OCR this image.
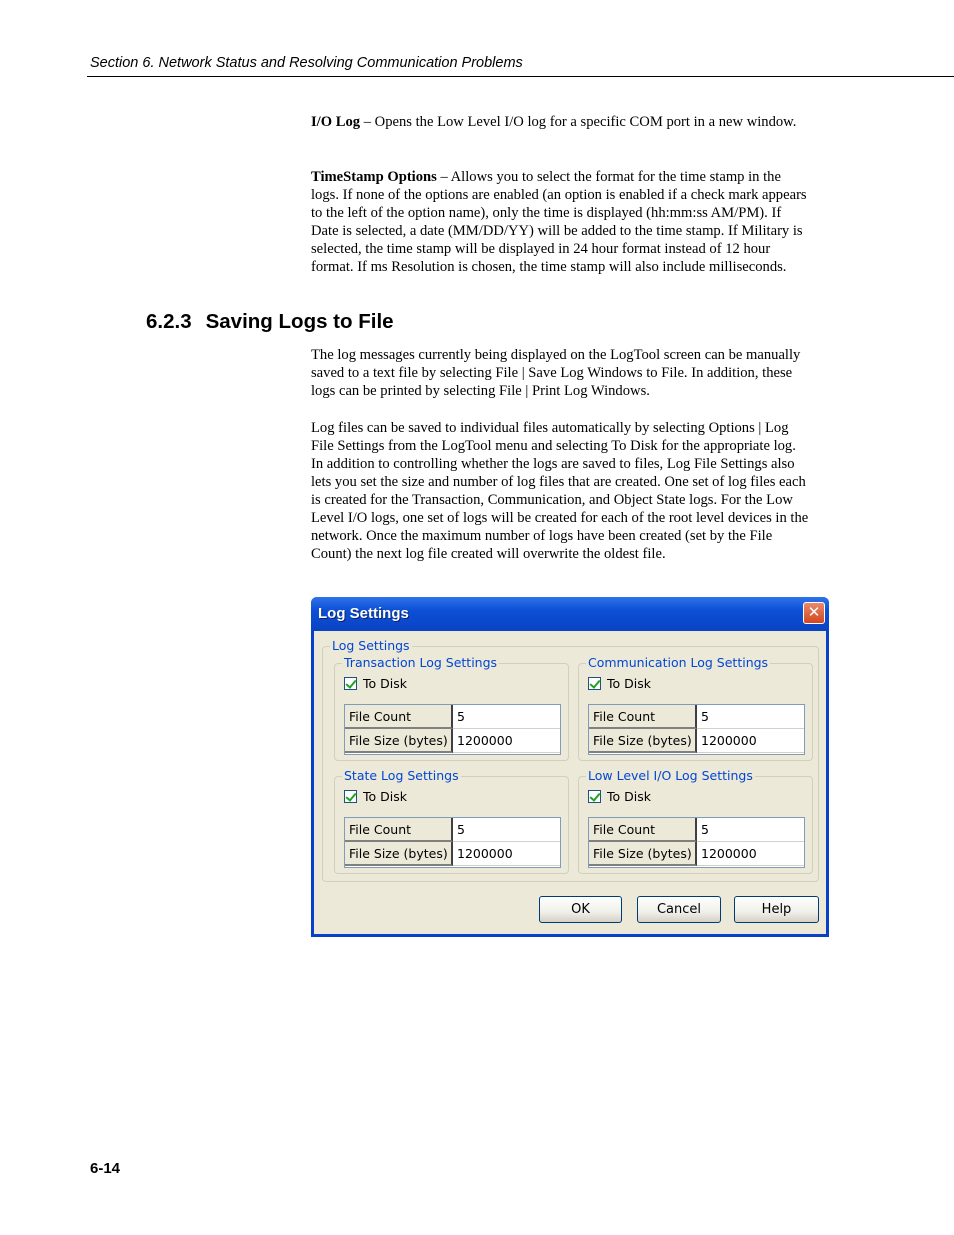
Section 6. Network Status and Resolving Communication Problems

I/O Log – Opens the Low Level I/O log for a specific COM port in a new window.

TimeStamp Options – Allows you to select the format for the time stamp in the logs. If none of the options are enabled (an option is enabled if a check mark appears to the left of the option name), only the time is displayed (hh:mm:ss AM/PM). If Date is selected, a date (MM/DD/YY) will be added to the time stamp. If Military is selected, the time stamp will be displayed in 24 hour format instead of 12 hour format. If ms Resolution is chosen, the time stamp will also include milliseconds.

6.2.3 Saving Logs to File

The log messages currently being displayed on the LogTool screen can be manually saved to a text file by selecting File | Save Log Windows to File. In addition, these logs can be printed by selecting File | Print Log Windows.

Log files can be saved to individual files automatically by selecting Options | Log File Settings from the LogTool menu and selecting To Disk for the appropriate log. In addition to controlling whether the logs are saved to files, Log File Settings also lets you set the size and number of log files that are created. One set of log files each is created for the Transaction, Communication, and Object State logs. For the Low Level I/O logs, one set of logs will be created for each of the root level devices in the network. Once the maximum number of logs have been created (set by the File Count) the next log file created will overwrite the oldest file.

Log Settings	✕
Log Settings
Transaction Log Settings
To Disk
File Count	5
File Size (bytes) 1200000
Communication Log Settings
To Disk
File Count	5
File Size (bytes) 1200000
State Log Settings
To Disk
File Count	5
File Size (bytes) 1200000
Low Level I/O Log Settings
To Disk
File Count	5
File Size (bytes) 1200000
OK	Cancel	Help
6-14
